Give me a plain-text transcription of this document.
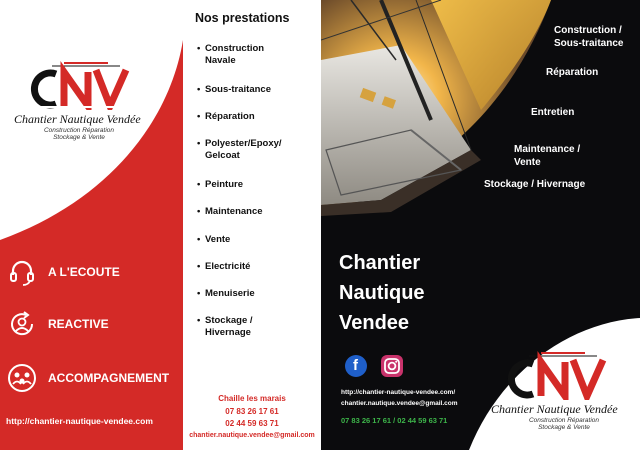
Chantier Nautique Vendée
Construction Réparation
Stockage & Vente
A L'ECOUTE
REACTIVE
ACCOMPAGNEMENT
http://chantier-nautique-vendee.com
Nos prestations
• Construction
Navale
• Sous-traitance
• Réparation
• Polyester/Epoxy/
Gelcoat
• Peinture
• Maintenance
• Vente
• Electricité
• Menuiserie
• Stockage /
Hivernage
Chaille les marais
07 83 26 17 61
02 44 59 63 71
chantier.nautique.vendee@gmail.com
Construction /
Sous-traitance
Réparation
Entretien
Maintenance /
Vente
Stockage / Hivernage
Chantier
Nautique
Vendee
f
http://chantier-nautique-vendee.com/
chantier.nautique.vendee@gmail.com
07 83 26 17 61 / 02 44 59 63 71
Chantier Nautique Vendée
Construction Réparation
Stockage & Vente
